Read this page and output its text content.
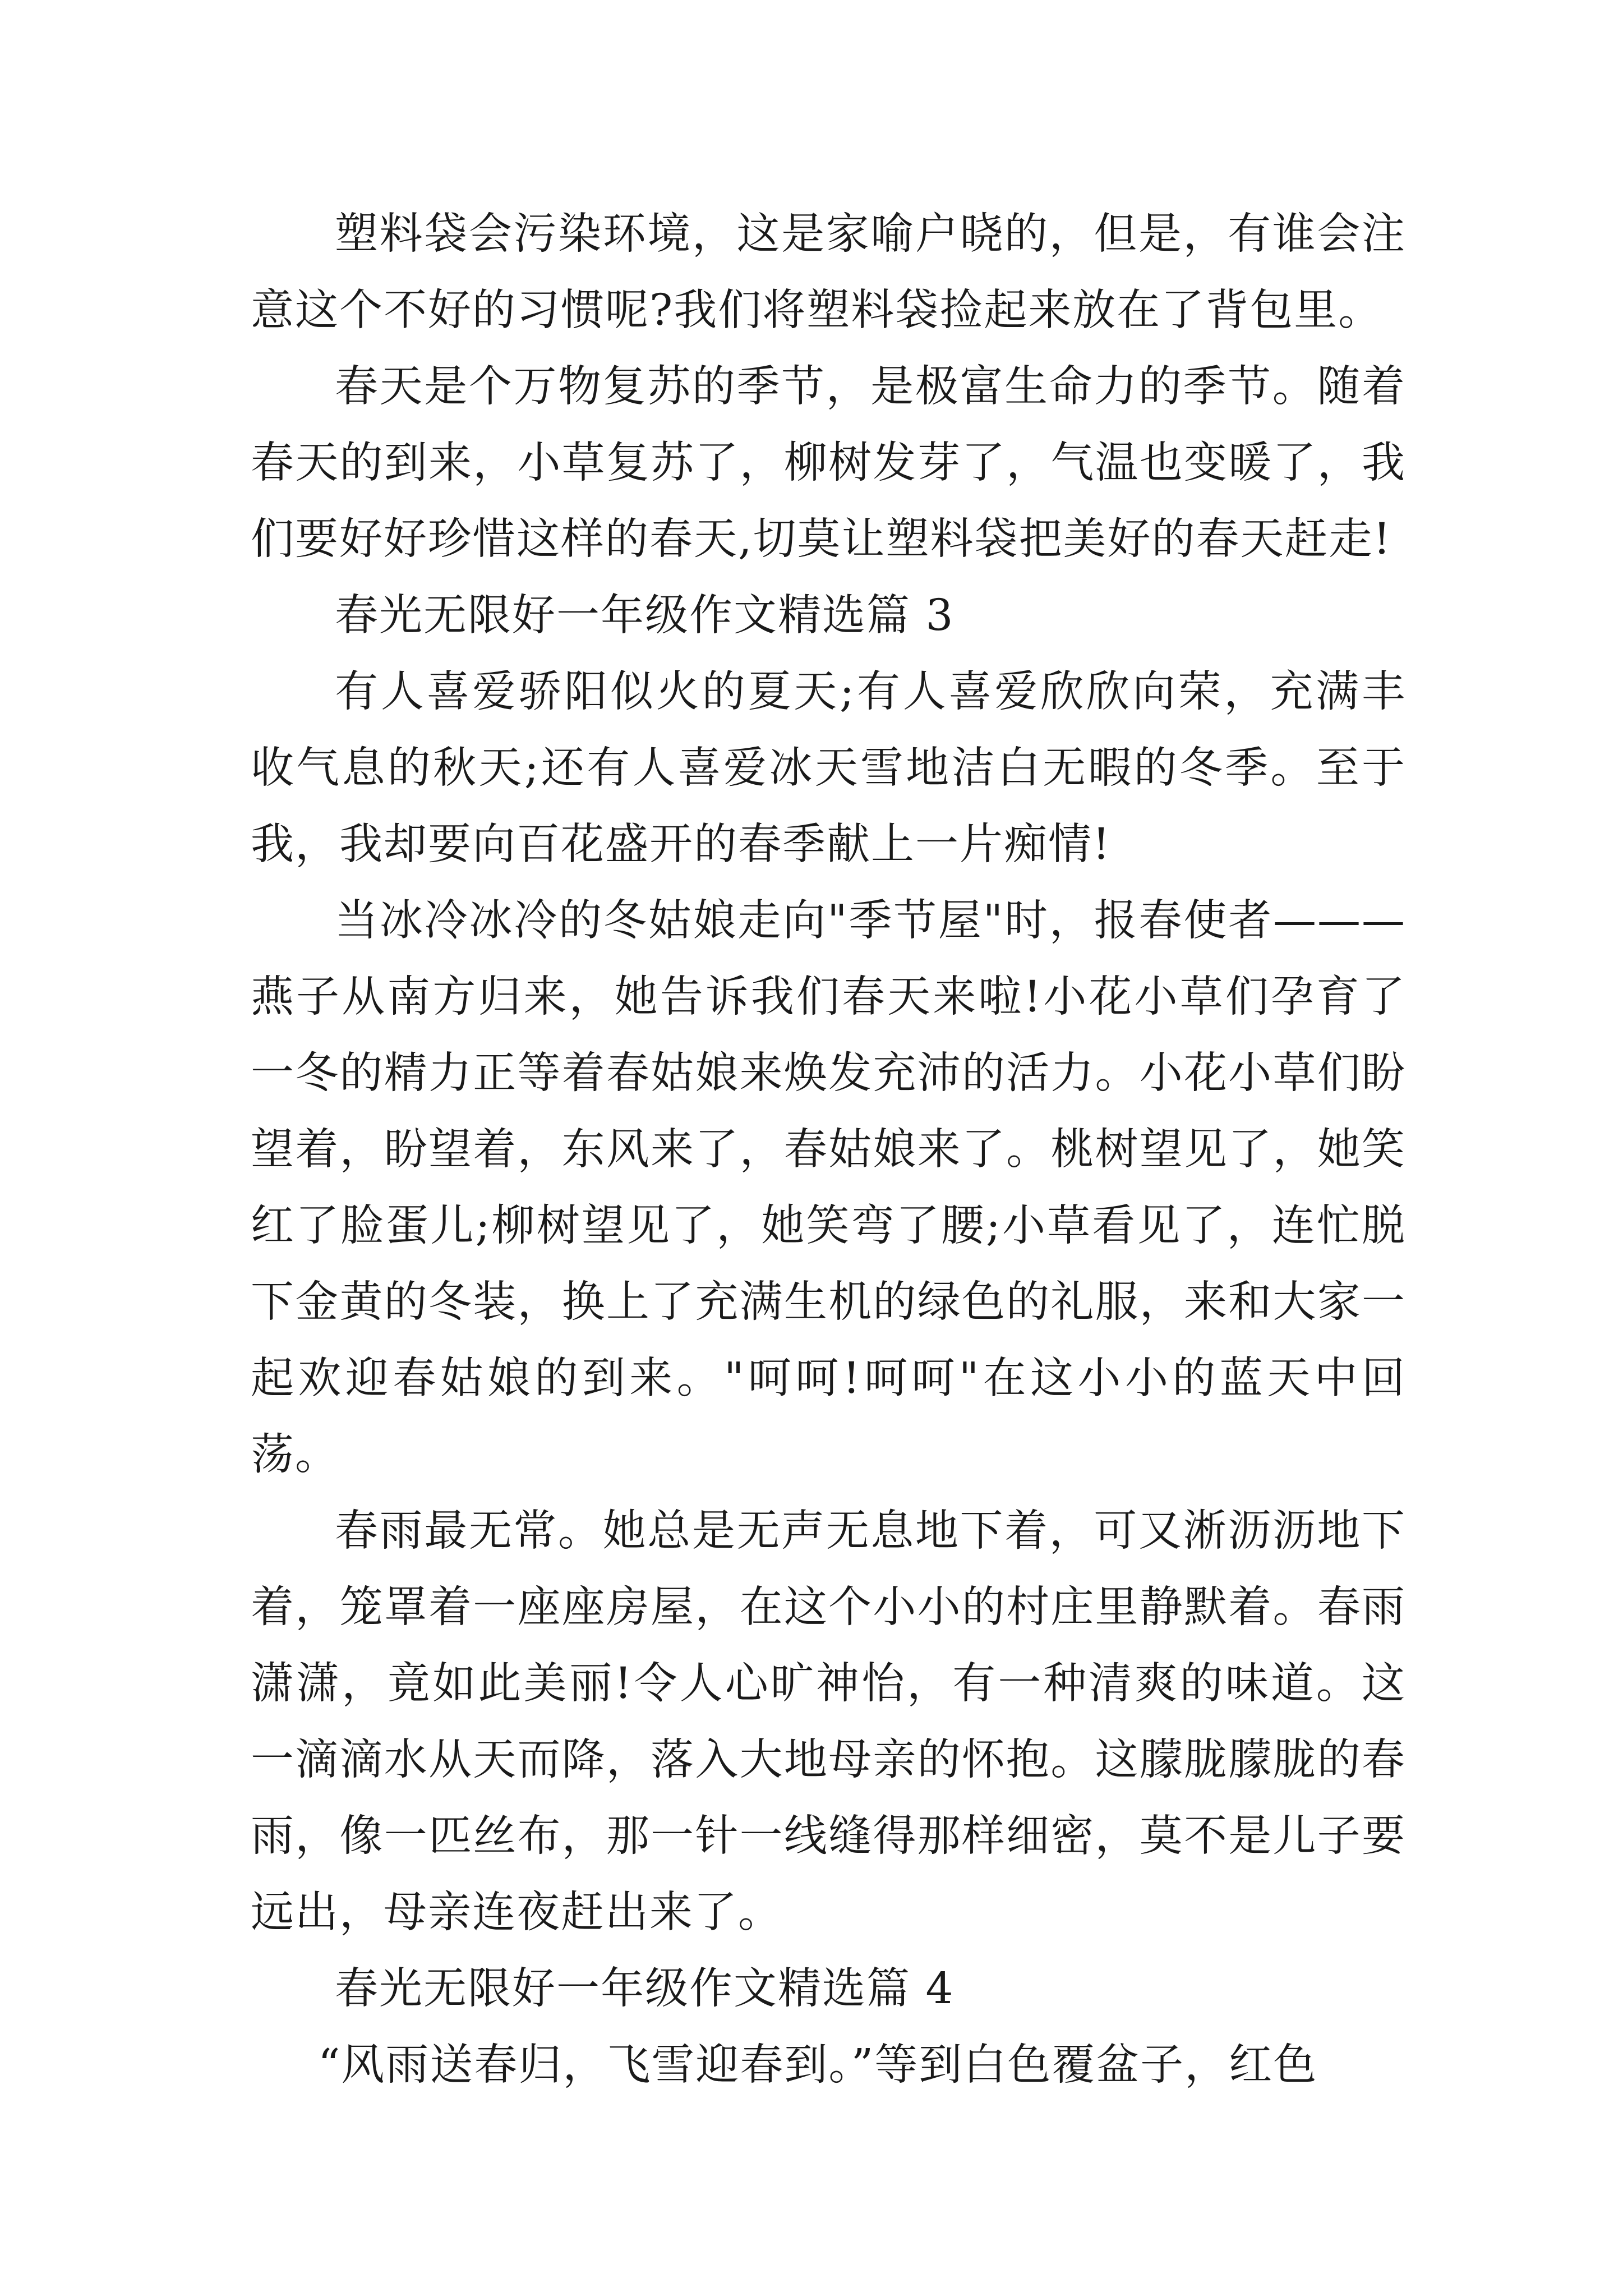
塑料袋会污染环境，这是家喻户晓的，但是，有谁会注意这个不好的习惯呢?我们将塑料袋捡起来放在了背包里。

春天是个万物复苏的季节，是极富生命力的季节。随着春天的到来，小草复苏了，柳树发芽了，气温也变暖了，我们要好好珍惜这样的春天,切莫让塑料袋把美好的春天赶走!

春光无限好一年级作文精选篇 3

有人喜爱骄阳似火的夏天;有人喜爱欣欣向荣，充满丰收气息的秋天;还有人喜爱冰天雪地洁白无暇的冬季。至于我，我却要向百花盛开的春季献上一片痴情!

当冰冷冰冷的冬姑娘走向"季节屋"时，报春使者———燕子从南方归来，她告诉我们春天来啦!小花小草们孕育了一冬的精力正等着春姑娘来焕发充沛的活力。小花小草们盼望着，盼望着，东风来了，春姑娘来了。桃树望见了，她笑红了脸蛋儿;柳树望见了，她笑弯了腰;小草看见了，连忙脱下金黄的冬装，换上了充满生机的绿色的礼服，来和大家一起欢迎春姑娘的到来。"呵呵!呵呵"在这小小的蓝天中回荡。

春雨最无常。她总是无声无息地下着，可又淅沥沥地下着，笼罩着一座座房屋，在这个小小的村庄里静默着。春雨潇潇，竟如此美丽!令人心旷神怡，有一种清爽的味道。这一滴滴水从天而降，落入大地母亲的怀抱。这朦胧朦胧的春雨，像一匹丝布，那一针一线缝得那样细密，莫不是儿子要远出，母亲连夜赶出来了。

春光无限好一年级作文精选篇 4

“风雨送春归，飞雪迎春到。”等到白色覆盆子，红色
